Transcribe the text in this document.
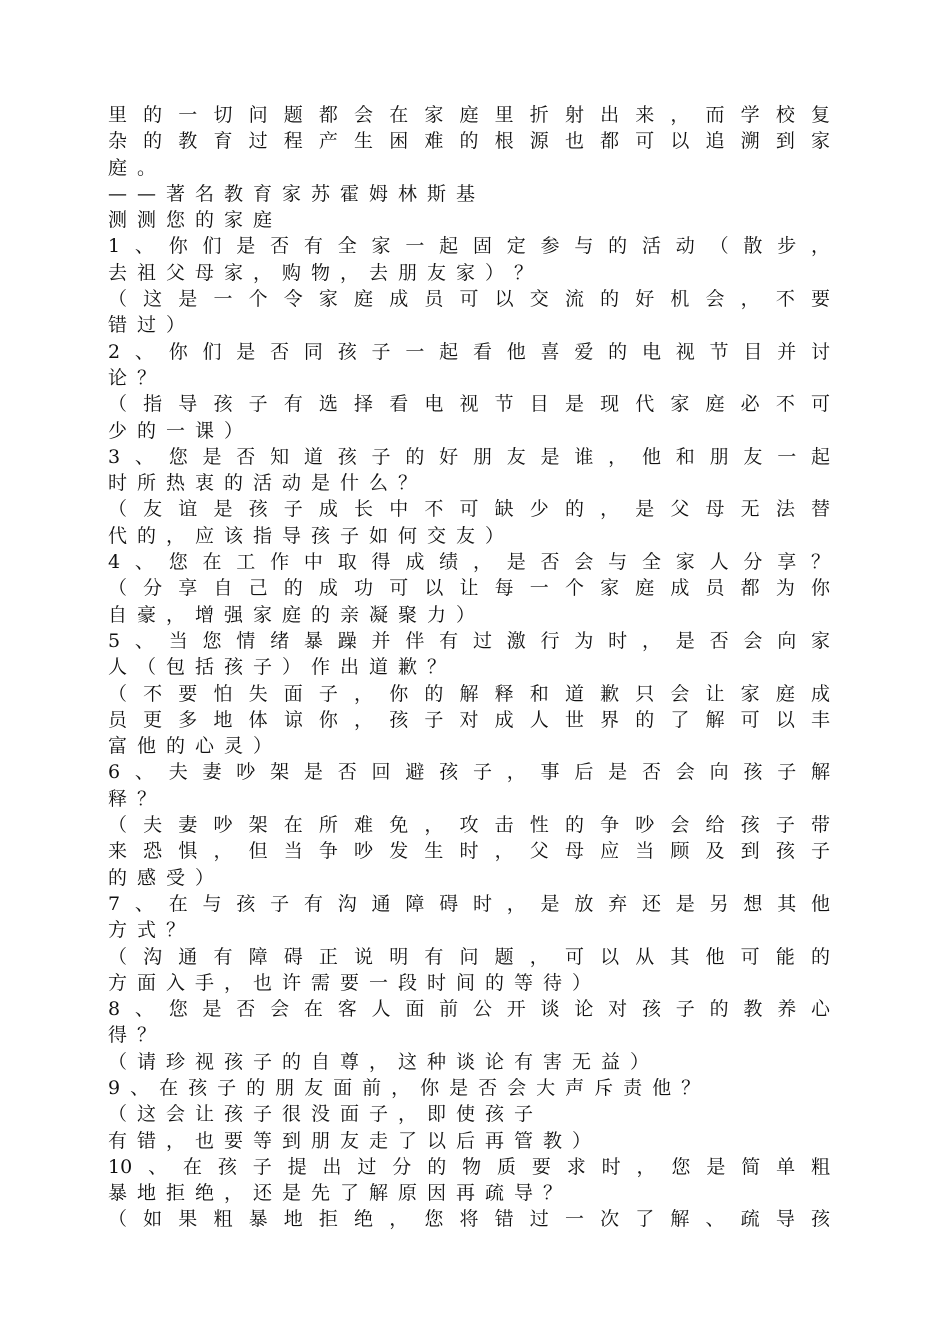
里的一切问题都会在家庭里折射出来，而学校复
杂的教育过程产生困难的根源也都可以追溯到家
庭。
——著名教育家苏霍姆林斯基
测测您的家庭
1、你们是否有全家一起固定参与的活动（散步，
去祖父母家，购物，去朋友家）？
（这是一个令家庭成员可以交流的好机会，不要
错过）
2、你们是否同孩子一起看他喜爱的电视节目并讨
论？
（指导孩子有选择看电视节目是现代家庭必不可
少的一课）
3、您是否知道孩子的好朋友是谁，他和朋友一起
时所热衷的活动是什么？
（友谊是孩子成长中不可缺少的，是父母无法替
代的，应该指导孩子如何交友）
4、您在工作中取得成绩，是否会与全家人分享？
（分享自己的成功可以让每一个家庭成员都为你
自豪，增强家庭的亲凝聚力）
5、当您情绪暴躁并伴有过激行为时，是否会向家
人（包括孩子）作出道歉？
（不要怕失面子，你的解释和道歉只会让家庭成
员更多地体谅你，孩子对成人世界的了解可以丰
富他的心灵）
6、夫妻吵架是否回避孩子，事后是否会向孩子解
释？
（夫妻吵架在所难免，攻击性的争吵会给孩子带
来恐惧，但当争吵发生时，父母应当顾及到孩子
的感受）
7、在与孩子有沟通障碍时，是放弃还是另想其他
方式？
（沟通有障碍正说明有问题，可以从其他可能的
方面入手，也许需要一段时间的等待）
8、您是否会在客人面前公开谈论对孩子的教养心
得？
（请珍视孩子的自尊，这种谈论有害无益）
9、在孩子的朋友面前，你是否会大声斥责他？
（这会让孩子很没面子，即使孩子
有错，也要等到朋友走了以后再管教）
10、在孩子提出过分的物质要求时，您是简单粗
暴地拒绝，还是先了解原因再疏导？
（如果粗暴地拒绝，您将错过一次了解、疏导孩
